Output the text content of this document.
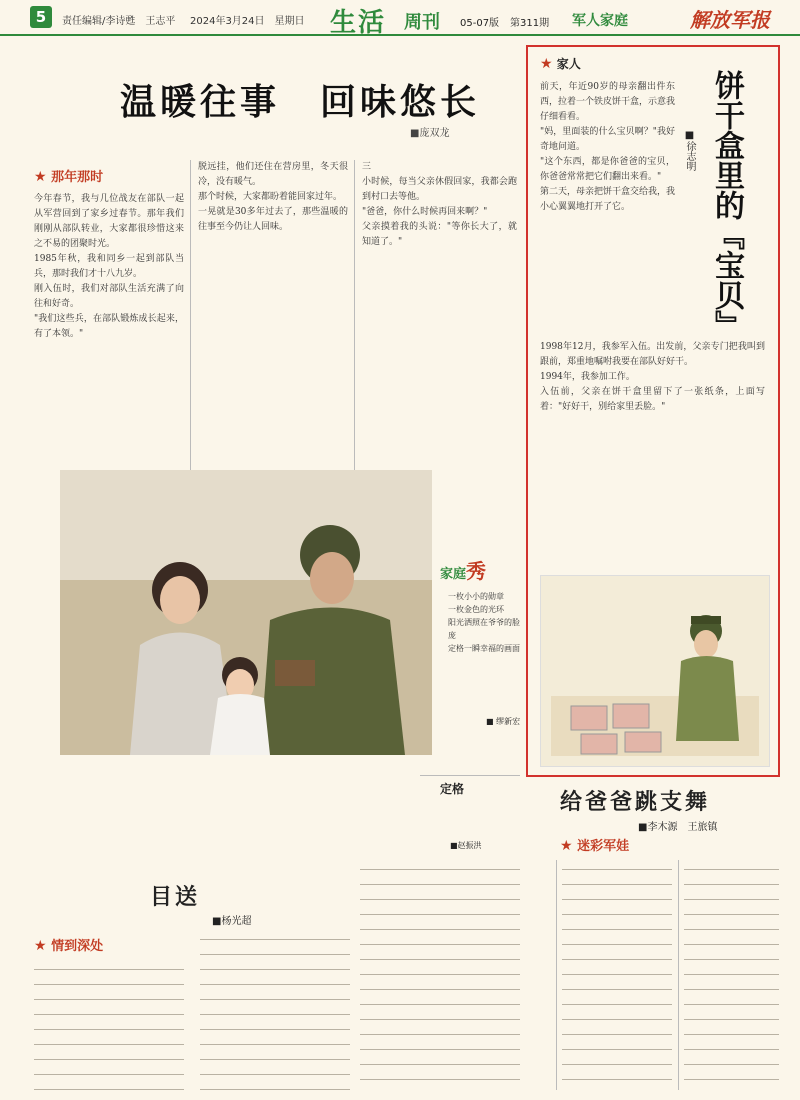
5	责任编辑/李诗甦　王志平 2024年3月24日　星期日 生活 周刊 05-07版 第311期 军人家庭	解放军报
温暖往事　回味悠长
■庞双龙
★ 那年那时
今年春节，我与几位战友在部队一起从军营回到了家乡过春节。那年我们刚刚从部队转业，大家都很珍惜这来之不易的团聚时光。
1985年秋，我和同乡一起到部队当兵，那时我们才十八九岁。
刚入伍时，我们对部队生活充满了向往和好奇。
"我们这些兵，在部队锻炼成长起来，有了本领。"
脱远挂，他们还住在营房里，冬天很冷，没有暖气。
那个时候，大家都盼着能回家过年。
一晃就是30多年过去了，那些温暖的往事至今仍让人回味。
三
小时候，每当父亲休假回家，我都会跑到村口去等他。
"爸爸，你什么时候再回来啊？"
父亲摸着我的头说："等你长大了，就知道了。"
家庭秀
一枚小小的勋章
一枚金色的光环
阳光洒照在爷爷的脸庞
定格一瞬幸福的画面
■ 缪新宏
定格
■赵振洪
★ 家人
饼干盒里的『宝贝』
■徐志明
前天，年近90岁的母亲翻出件东西，拉着一个铁皮饼干盒，示意我仔细看看。
"妈，里面装的什么宝贝啊？"我好奇地问道。
"这个东西，都是你爸爸的宝贝，你爸爸常常把它们翻出来看。"
第二天，母亲把饼干盒交给我，我小心翼翼地打开了它。
1998年12月，我参军入伍。出发前，父亲专门把我叫到跟前，郑重地嘱咐我要在部队好好干。
1994年，我参加工作。
入伍前，父亲在饼干盒里留下了一张纸条，上面写着："好好干，别给家里丢脸。"
给爸爸跳支舞
■李木源　王旅镇
★ 迷彩军娃
目送
■杨光超
★ 情到深处
